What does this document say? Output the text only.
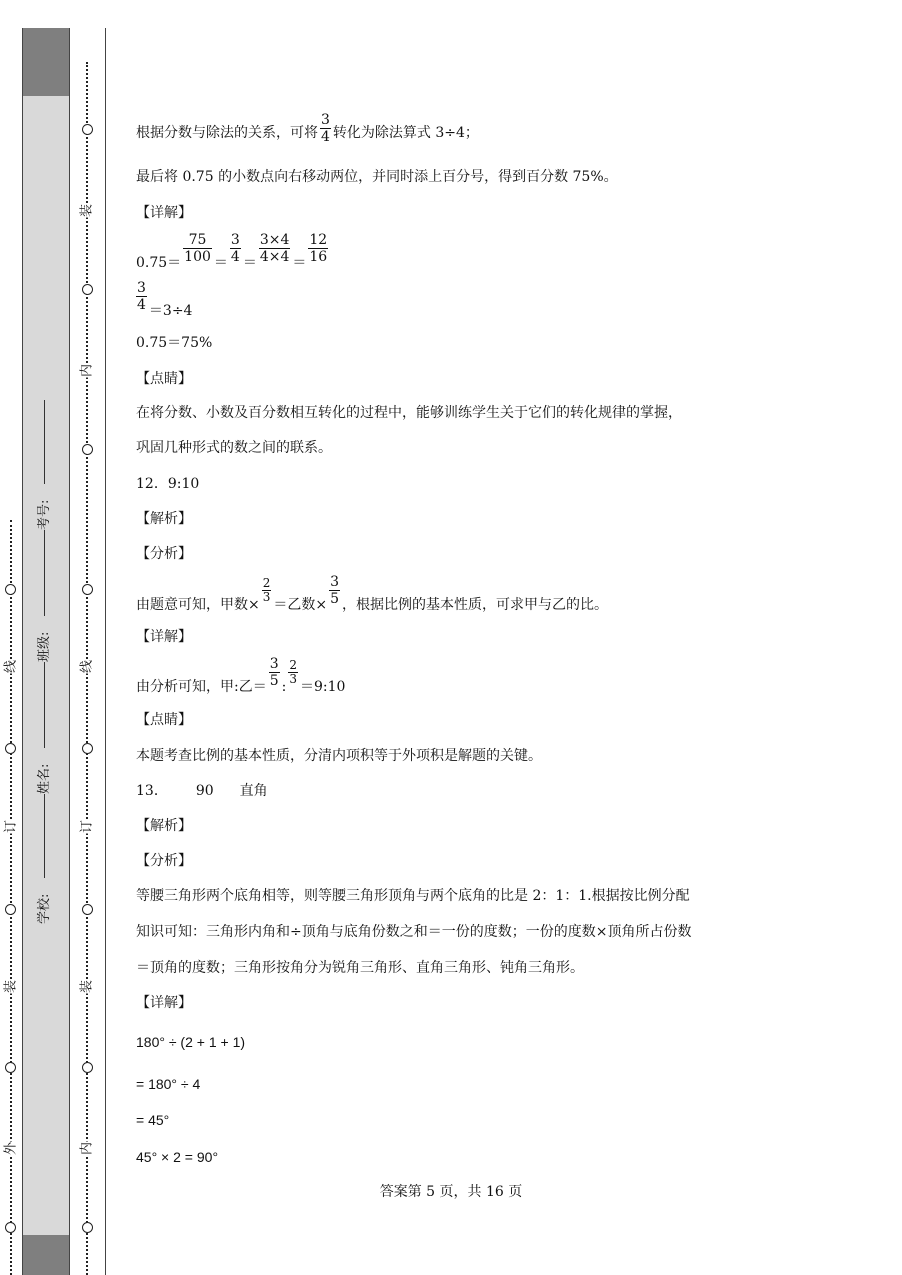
线
订
装
外
考号:
班级:
姓名:
学校:
装
内
线
订
装
内
根据分数与除法的关系，可将 $\frac{3}{4}$ 转化为除法算式 3÷4；
最后将 0.75 的小数点向右移动两位，并同时添上百分号，得到百分数 75%。
【详解】
$0.75= \frac{75}{100} = \frac{3}{4} = \frac{3\times 4}{4\times 4} = \frac{12}{16}$
$\frac{3}{4} =3\div 4$
0.75＝75%
【点睛】
在将分数、小数及百分数相互转化的过程中，能够训练学生关于它们的转化规律的掌握，
巩固几种形式的数之间的联系。
12．9:10
【解析】
【分析】
由题意可知，甲数×
$\frac{2}{3}$
＝乙数× $\frac{3}{5}$ ，根据比例的基本性质，可求甲与乙的比。
【详解】
由分析可知，甲:乙＝ $\frac{3}{5}$ :
$\frac{2}{3}$
＝9:10
【点睛】
本题考查比例的基本性质，分清内项积等于外项积是解题的关键。
13． 90 直角
【解析】
【分析】
等腰三角形两个底角相等，则等腰三角形顶角与两个底角的比是 2：1：1.根据按比例分配
知识可知：三角形内角和÷顶角与底角份数之和＝一份的度数；一份的度数×顶角所占份数
＝顶角的度数；三角形按角分为锐角三角形、直角三角形、钝角三角形。
【详解】
180° ÷ (2 + 1 + 1)
= 180° ÷ 4
= 45°
45° × 2 = 90°
答案第 5 页，共 16 页
